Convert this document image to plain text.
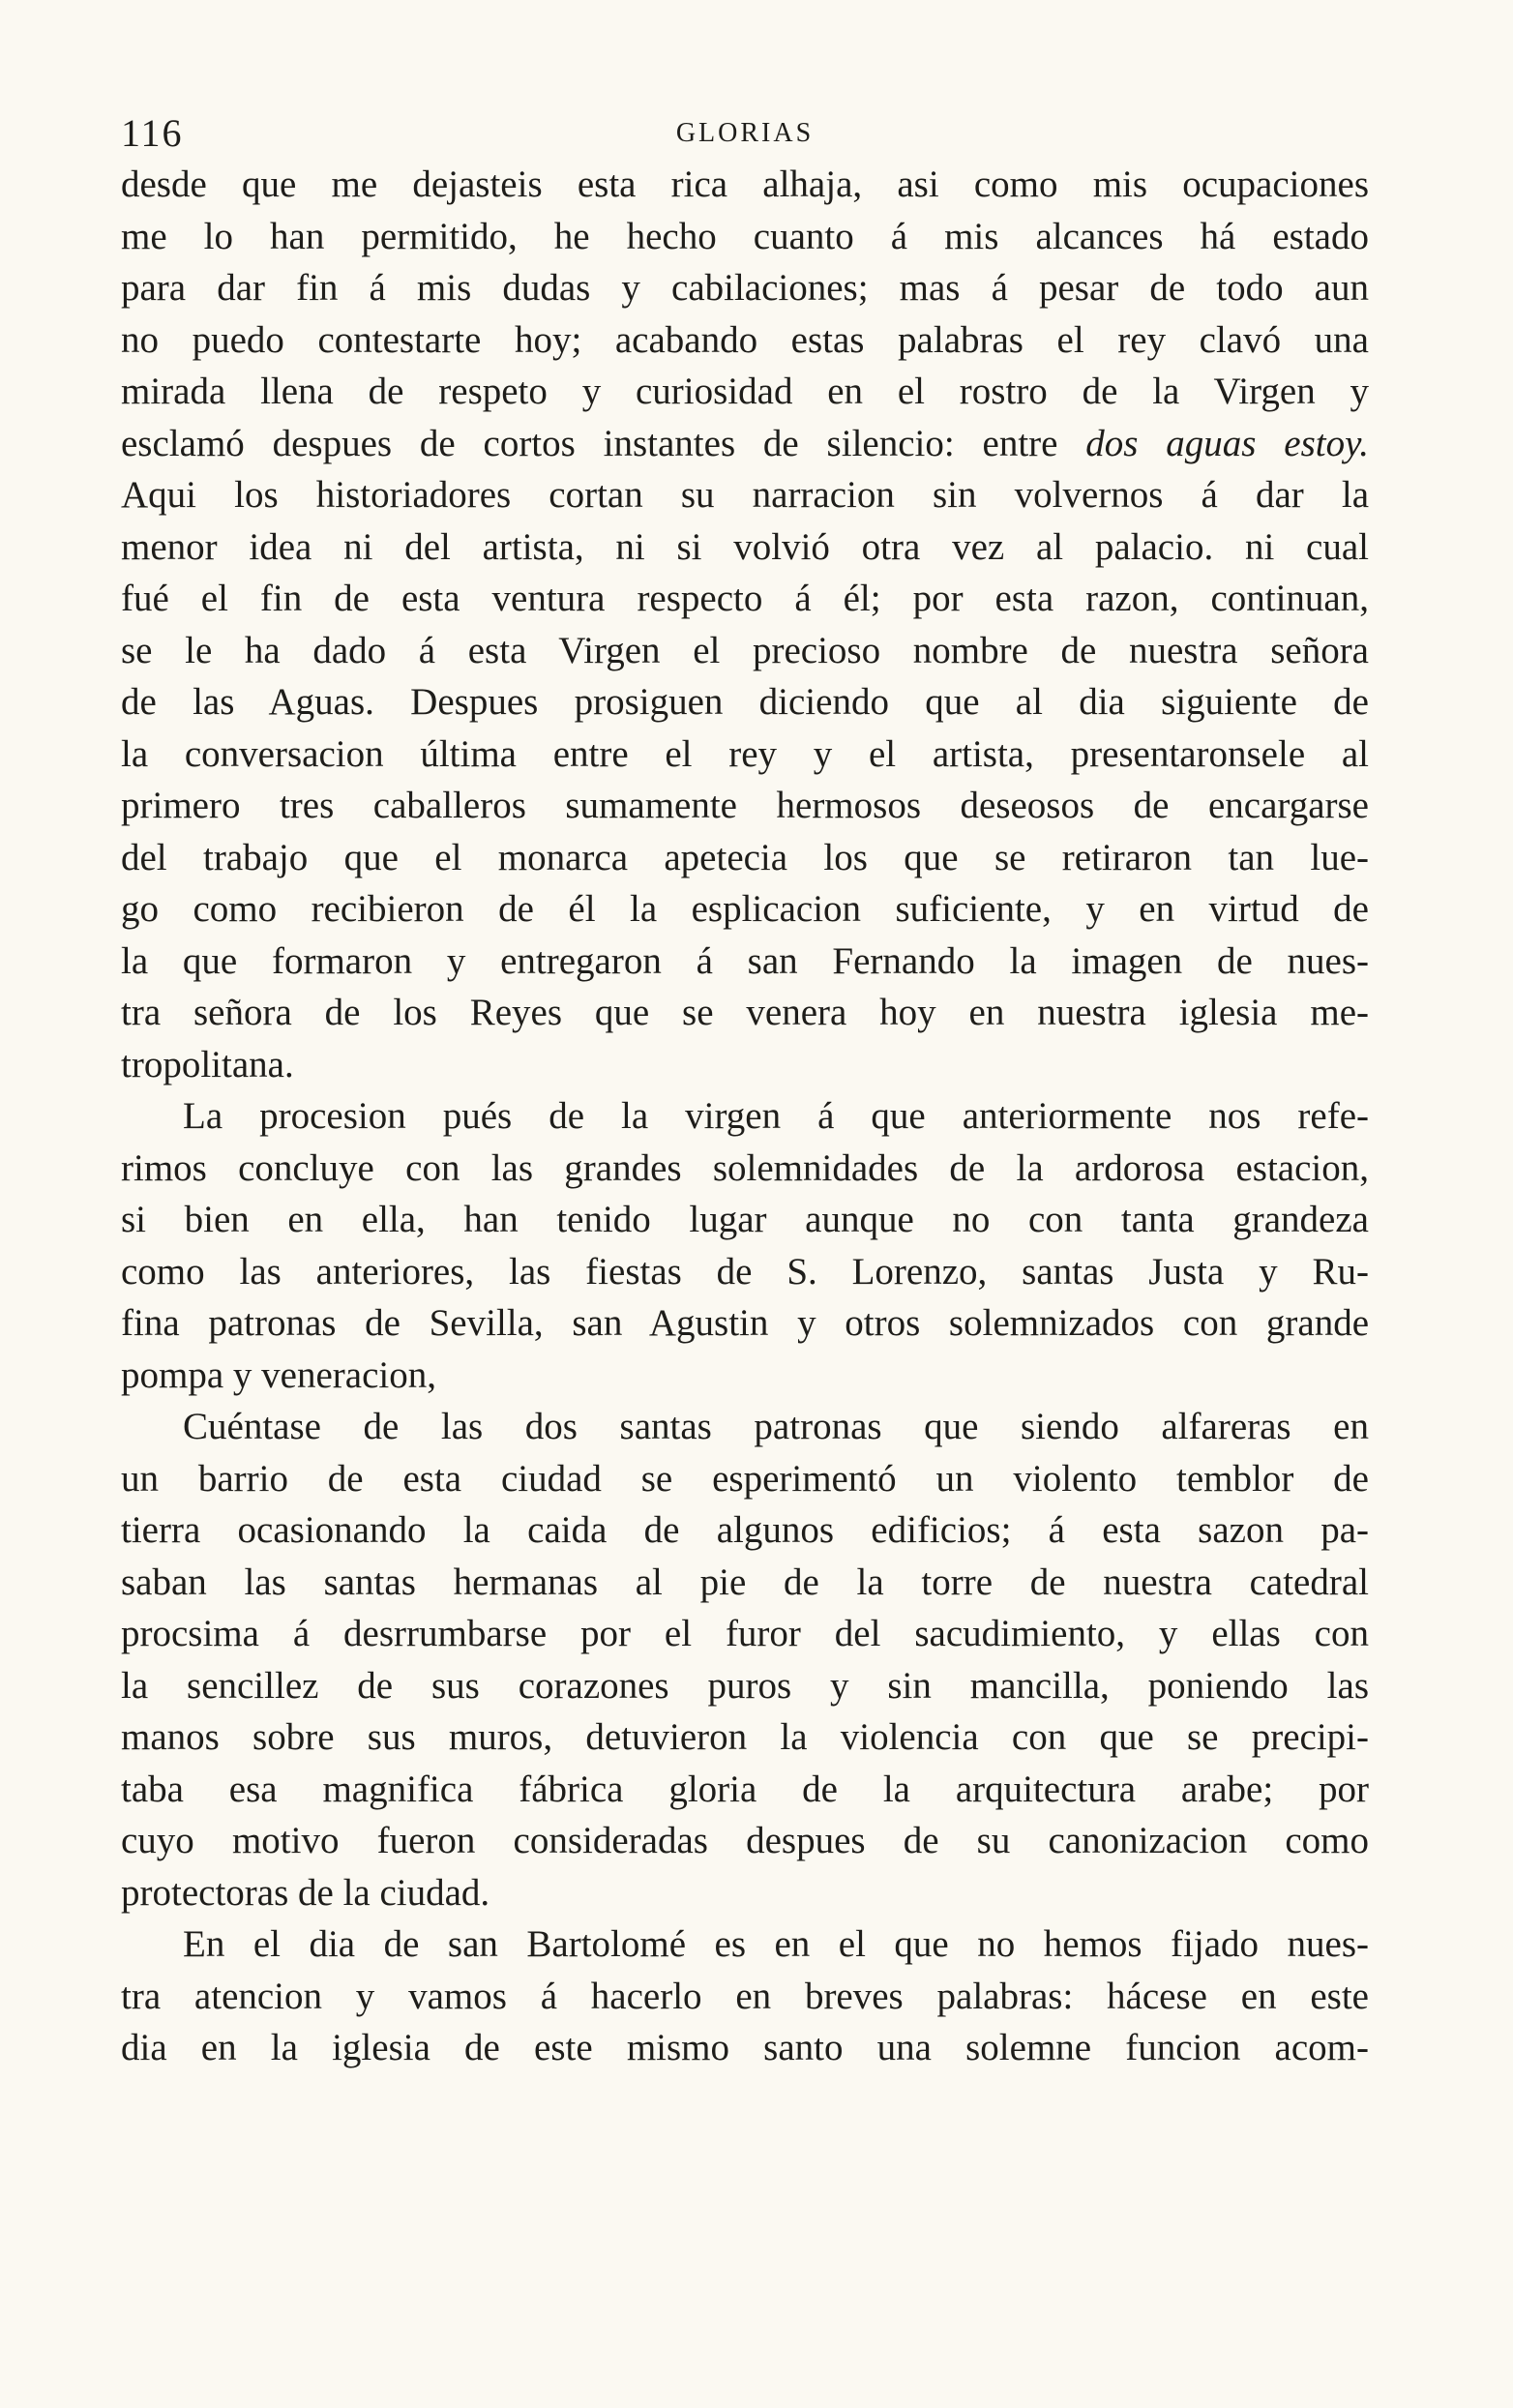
116	GLORIAS
desde que me dejasteis esta rica alhaja, asi como mis ocupaciones
me lo han permitido, he hecho cuanto á mis alcances há estado
para dar fin á mis dudas y cabilaciones; mas á pesar de todo aun
no puedo contestarte hoy; acabando estas palabras el rey clavó una
mirada llena de respeto y curiosidad en el rostro de la Virgen y
esclamó despues de cortos instantes de silencio: entre dos aguas estoy.
Aqui los historiadores cortan su narracion sin volvernos á dar la
menor idea ni del artista, ni si volvió otra vez al palacio. ni cual
fué el fin de esta ventura respecto á él; por esta razon, continuan,
se le ha dado á esta Virgen el precioso nombre de nuestra señora
de las Aguas. Despues prosiguen diciendo que al dia siguiente de
la conversacion última entre el rey y el artista, presentaronsele al
primero tres caballeros sumamente hermosos deseosos de encargarse
del trabajo que el monarca apetecia los que se retiraron tan lue-
go como recibieron de él la esplicacion suficiente, y en virtud de
la que formaron y entregaron á san Fernando la imagen de nues-
tra señora de los Reyes que se venera hoy en nuestra iglesia me-
tropolitana.
La procesion pués de la virgen á que anteriormente nos refe-
rimos concluye con las grandes solemnidades de la ardorosa estacion,
si bien en ella, han tenido lugar aunque no con tanta grandeza
como las anteriores, las fiestas de S. Lorenzo, santas Justa y Ru-
fina patronas de Sevilla, san Agustin y otros solemnizados con grande
pompa y veneracion,
Cuéntase de las dos santas patronas que siendo alfareras en
un barrio de esta ciudad se esperimentó un violento temblor de
tierra ocasionando la caida de algunos edificios; á esta sazon pa-
saban las santas hermanas al pie de la torre de nuestra catedral
procsima á desrrumbarse por el furor del sacudimiento, y ellas con
la sencillez de sus corazones puros y sin mancilla, poniendo las
manos sobre sus muros, detuvieron la violencia con que se precipi-
taba esa magnifica fábrica gloria de la arquitectura arabe; por
cuyo motivo fueron consideradas despues de su canonizacion como
protectoras de la ciudad.
En el dia de san Bartolomé es en el que no hemos fijado nues-
tra atencion y vamos á hacerlo en breves palabras: hácese en este
dia en la iglesia de este mismo santo una solemne funcion acom-
